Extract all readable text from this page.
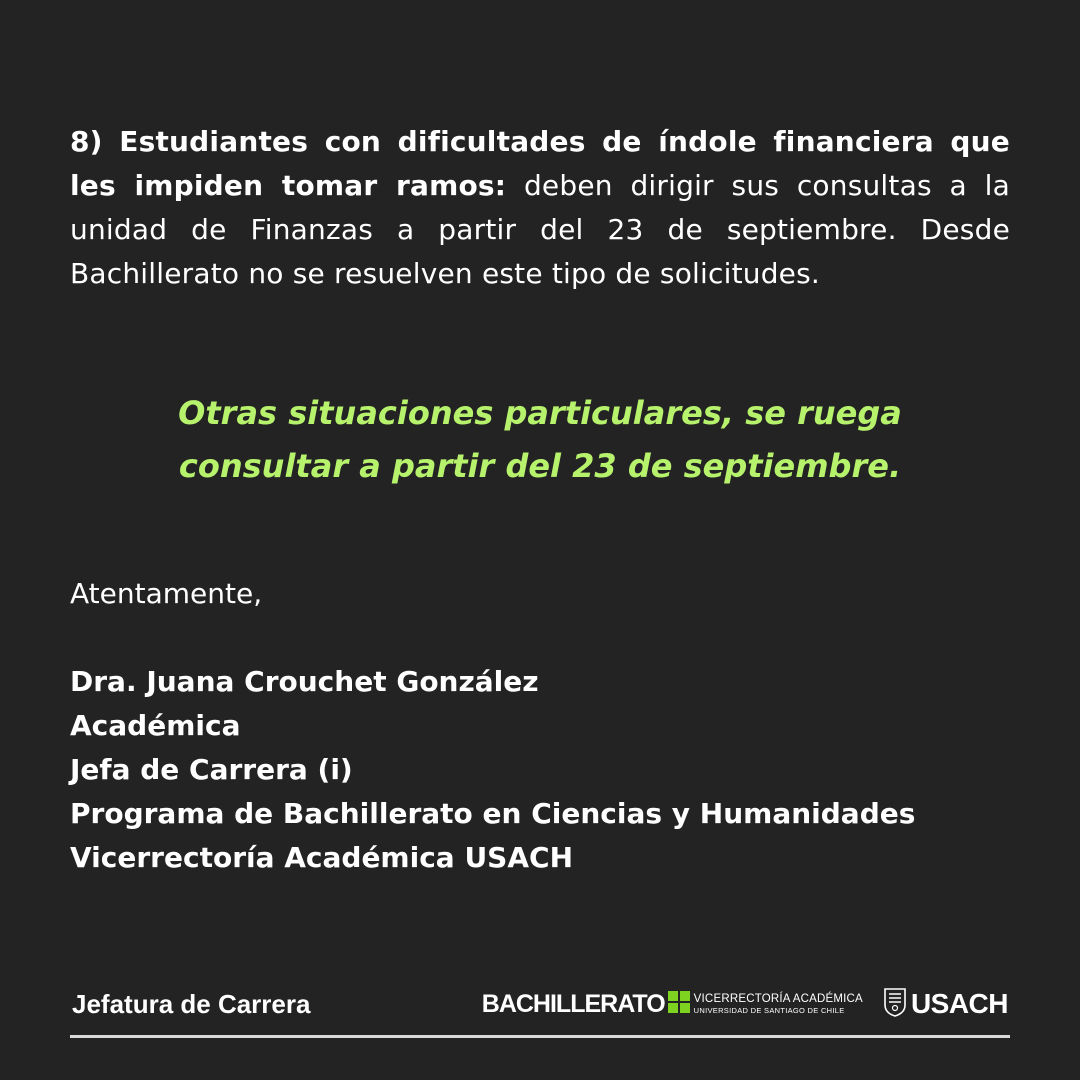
8) Estudiantes con dificultades de índole financiera que les impiden tomar ramos: deben dirigir sus consultas a la unidad de Finanzas a partir del 23 de septiembre. Desde Bachillerato no se resuelven este tipo de solicitudes.
Otras situaciones particulares, se ruega
consultar a partir del 23 de septiembre.
Atentamente,
Dra. Juana Crouchet González
Académica
Jefa de Carrera (i)
Programa de Bachillerato en Ciencias y Humanidades
Vicerrectoría Académica USACH
Jefatura de Carrera	BACHILLERATO	VICERRECTORÍA ACADÉMICA
UNIVERSIDAD DE SANTIAGO DE CHILE	USACH
